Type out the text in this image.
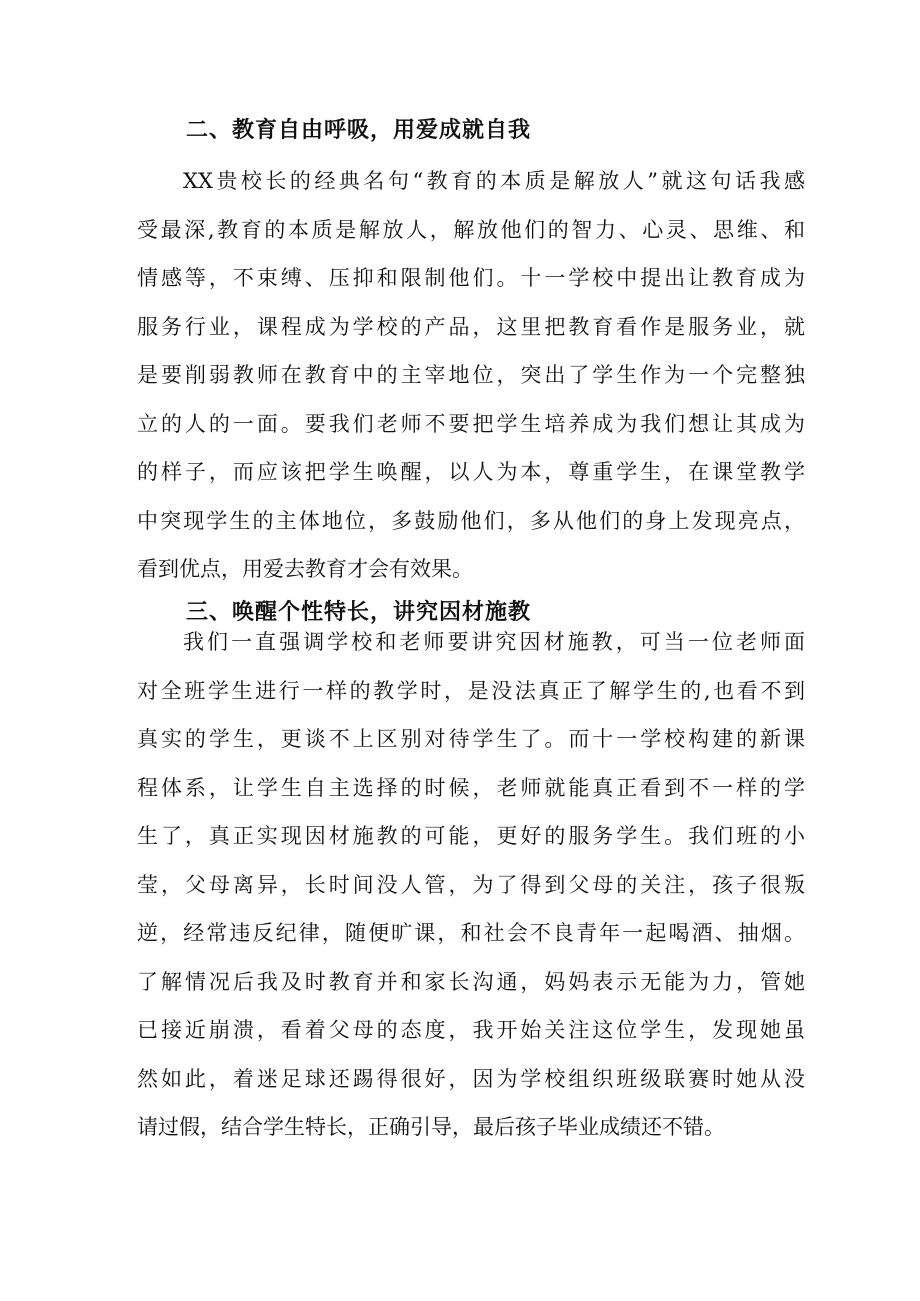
二、教育自由呼吸，用爱成就自我
XX贵校长的经典名句“教育的本质是解放人”就这句话我感
受最深,教育的本质是解放人，解放他们的智力、心灵、思维、和
情感等，不束缚、压抑和限制他们。十一学校中提出让教育成为
服务行业，课程成为学校的产品，这里把教育看作是服务业，就
是要削弱教师在教育中的主宰地位，突出了学生作为一个完整独
立的人的一面。要我们老师不要把学生培养成为我们想让其成为
的样子，而应该把学生唤醒，以人为本，尊重学生，在课堂教学
中突现学生的主体地位，多鼓励他们，多从他们的身上发现亮点，
看到优点，用爱去教育才会有效果。
三、唤醒个性特长，讲究因材施教
我们一直强调学校和老师要讲究因材施教，可当一位老师面
对全班学生进行一样的教学时，是没法真正了解学生的,也看不到
真实的学生，更谈不上区别对待学生了。而十一学校构建的新课
程体系，让学生自主选择的时候，老师就能真正看到不一样的学
生了，真正实现因材施教的可能，更好的服务学生。我们班的小
莹，父母离异，长时间没人管，为了得到父母的关注，孩子很叛
逆，经常违反纪律，随便旷课，和社会不良青年一起喝酒、抽烟。
了解情况后我及时教育并和家长沟通，妈妈表示无能为力，管她
已接近崩溃，看着父母的态度，我开始关注这位学生，发现她虽
然如此，着迷足球还踢得很好，因为学校组织班级联赛时她从没
请过假，结合学生特长，正确引导，最后孩子毕业成绩还不错。
